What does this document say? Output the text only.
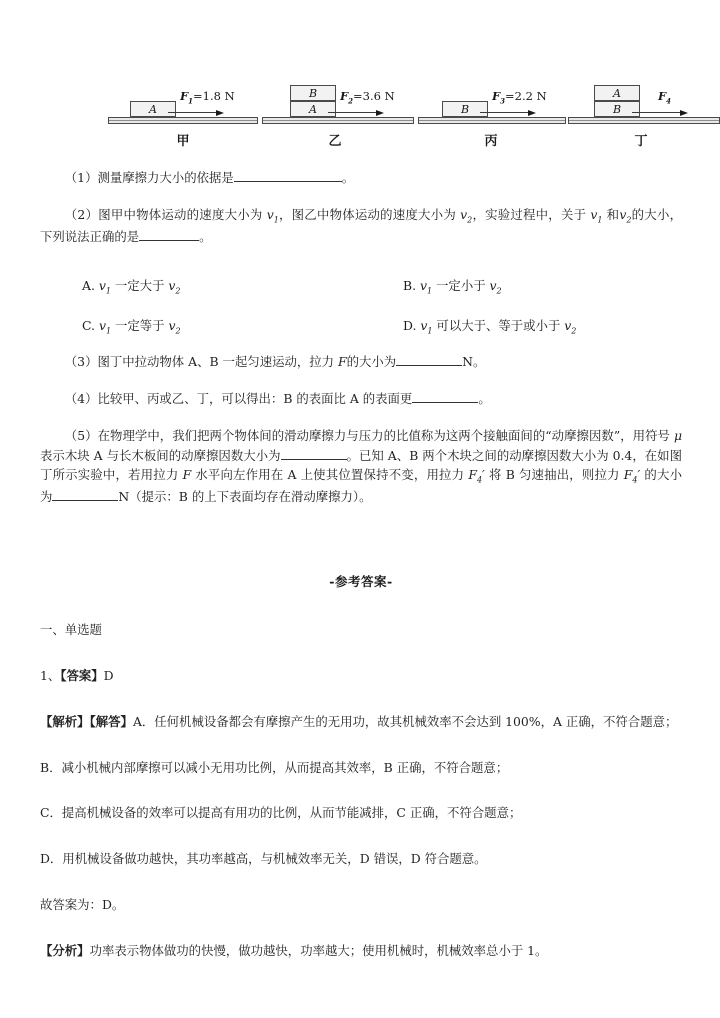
A
$F_1=1.8$ N
甲
B
A
$F_2=3.6$ N
乙
B
$F_3=2.2$ N
丙
A
B
$F_4$
丁

（1）测量摩擦力大小的依据是	。

（2）图甲中物体运动的速度大小为 $v_1$，图乙中物体运动的速度大小为 $v_2$，实验过程中，关于 $v_1$ 和$v_2$的大小，下列说法正确的是	。

A. $v_1$ 一定大于 $v_2$	B. $v_1$ 一定小于 $v_2$
C. $v_1$ 一定等于 $v_2$	D. $v_1$ 可以大于、等于或小于 $v_2$

（3）图丁中拉动物体 A、B 一起匀速运动，拉力 F的大小为	N。

（4）比较甲、丙或乙、丁，可以得出：B 的表面比 A 的表面更	。

（5）在物理学中，我们把两个物体间的滑动摩擦力与压力的比值称为这两个接触面间的“动摩擦因数”，用符号 μ 表示木块 A 与长木板间的动摩擦因数大小为	。已知 A、B 两个木块之间的动摩擦因数大小为 0.4，在如图丁所示实验中，若用拉力 F 水平向左作用在 A 上使其位置保持不变，用拉力 $F_4'$ 将 B 匀速抽出，则拉力 $F_4'$ 的大小为	N（提示：B 的上下表面均存在滑动摩擦力）。

-参考答案-

一、单选题

1、【答案】D

【解析】【解答】A．任何机械设备都会有摩擦产生的无用功，故其机械效率不会达到 100%，A 正确，不符合题意；

B．减小机械内部摩擦可以减小无用功比例，从而提高其效率，B 正确，不符合题意；

C．提高机械设备的效率可以提高有用功的比例，从而节能减排，C 正确，不符合题意；

D．用机械设备做功越快，其功率越高，与机械效率无关，D 错误，D 符合题意。

故答案为：D。

【分析】功率表示物体做功的快慢，做功越快，功率越大；使用机械时，机械效率总小于 1。
